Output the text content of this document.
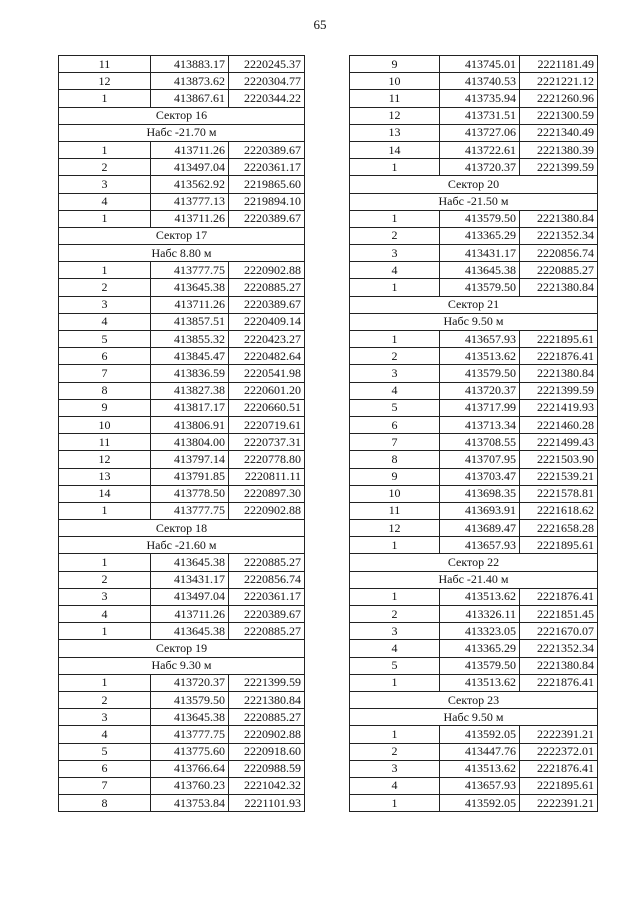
65
11	413883.17	2220245.37
12	413873.62	2220304.77
1	413867.61	2220344.22
Сектор 16		
Набс -21.70 м		
1	413711.26	2220389.67
2	413497.04	2220361.17
3	413562.92	2219865.60
4	413777.13	2219894.10
1	413711.26	2220389.67
Сектор 17		
Набс 8.80 м		
1	413777.75	2220902.88
2	413645.38	2220885.27
3	413711.26	2220389.67
4	413857.51	2220409.14
5	413855.32	2220423.27
6	413845.47	2220482.64
7	413836.59	2220541.98
8	413827.38	2220601.20
9	413817.17	2220660.51
10	413806.91	2220719.61
11	413804.00	2220737.31
12	413797.14	2220778.80
13	413791.85	2220811.11
14	413778.50	2220897.30
1	413777.75	2220902.88
Сектор 18		
Набс -21.60 м		
1	413645.38	2220885.27
2	413431.17	2220856.74
3	413497.04	2220361.17
4	413711.26	2220389.67
1	413645.38	2220885.27
Сектор 19		
Набс 9.30 м		
1	413720.37	2221399.59
2	413579.50	2221380.84
3	413645.38	2220885.27
4	413777.75	2220902.88
5	413775.60	2220918.60
6	413766.64	2220988.59
7	413760.23	2221042.32
8	413753.84	2221101.93
9	413745.01	2221181.49
10	413740.53	2221221.12
11	413735.94	2221260.96
12	413731.51	2221300.59
13	413727.06	2221340.49
14	413722.61	2221380.39
1	413720.37	2221399.59
Сектор 20		
Набс -21.50 м		
1	413579.50	2221380.84
2	413365.29	2221352.34
3	413431.17	2220856.74
4	413645.38	2220885.27
1	413579.50	2221380.84
Сектор 21		
Набс 9.50 м		
1	413657.93	2221895.61
2	413513.62	2221876.41
3	413579.50	2221380.84
4	413720.37	2221399.59
5	413717.99	2221419.93
6	413713.34	2221460.28
7	413708.55	2221499.43
8	413707.95	2221503.90
9	413703.47	2221539.21
10	413698.35	2221578.81
11	413693.91	2221618.62
12	413689.47	2221658.28
1	413657.93	2221895.61
Сектор 22		
Набс -21.40 м		
1	413513.62	2221876.41
2	413326.11	2221851.45
3	413323.05	2221670.07
4	413365.29	2221352.34
5	413579.50	2221380.84
1	413513.62	2221876.41
Сектор 23		
Набс 9.50 м		
1	413592.05	2222391.21
2	413447.76	2222372.01
3	413513.62	2221876.41
4	413657.93	2221895.61
1	413592.05	2222391.21
